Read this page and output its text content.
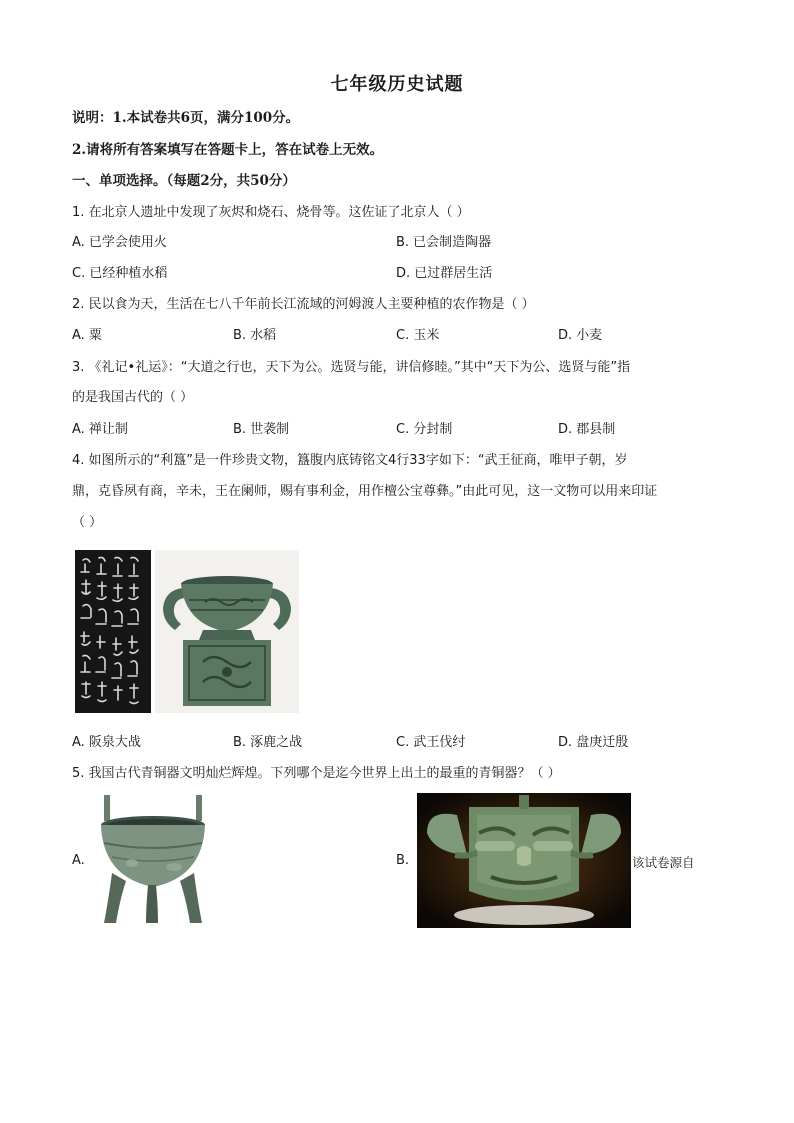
七年级历史试题
说明：1.本试卷共6页，满分100分。
2.请将所有答案填写在答题卡上，答在试卷上无效。
一、单项选择。（每题2分，共50分）
1. 在北京人遗址中发现了灰烬和烧石、烧骨等。这佐证了北京人（ ）
A. 已学会使用火	B. 已会制造陶器
C. 已经种植水稻	D. 已过群居生活
2. 民以食为天，生活在七八千年前长江流域的河姆渡人主要种植的农作物是（ ）
A. 粟	B. 水稻	C. 玉米	D. 小麦
3. 《礼记•礼运》：“大道之行也，天下为公。选贤与能，讲信修睦。”其中“天下为公、选贤与能”指
的是我国古代的（ ）
A. 禅让制	B. 世袭制	C. 分封制	D. 郡县制
4. 如图所示的“利簋”是一件珍贵文物，簋腹内底铸铭文4行33字如下：“武王征商，唯甲子朝，岁
鼎，克昏夙有商，辛未，王在阑师，赐有事利金，用作檀公宝尊彝。”由此可见，这一文物可以用来印证
（ ）
A. 阪泉大战	B. 涿鹿之战	C. 武王伐纣	D. 盘庚迁殷
5. 我国古代青铜器文明灿烂辉煌。下列哪个是迄今世界上出土的最重的青铜器？（ ）
A.	B.	该试卷源自
